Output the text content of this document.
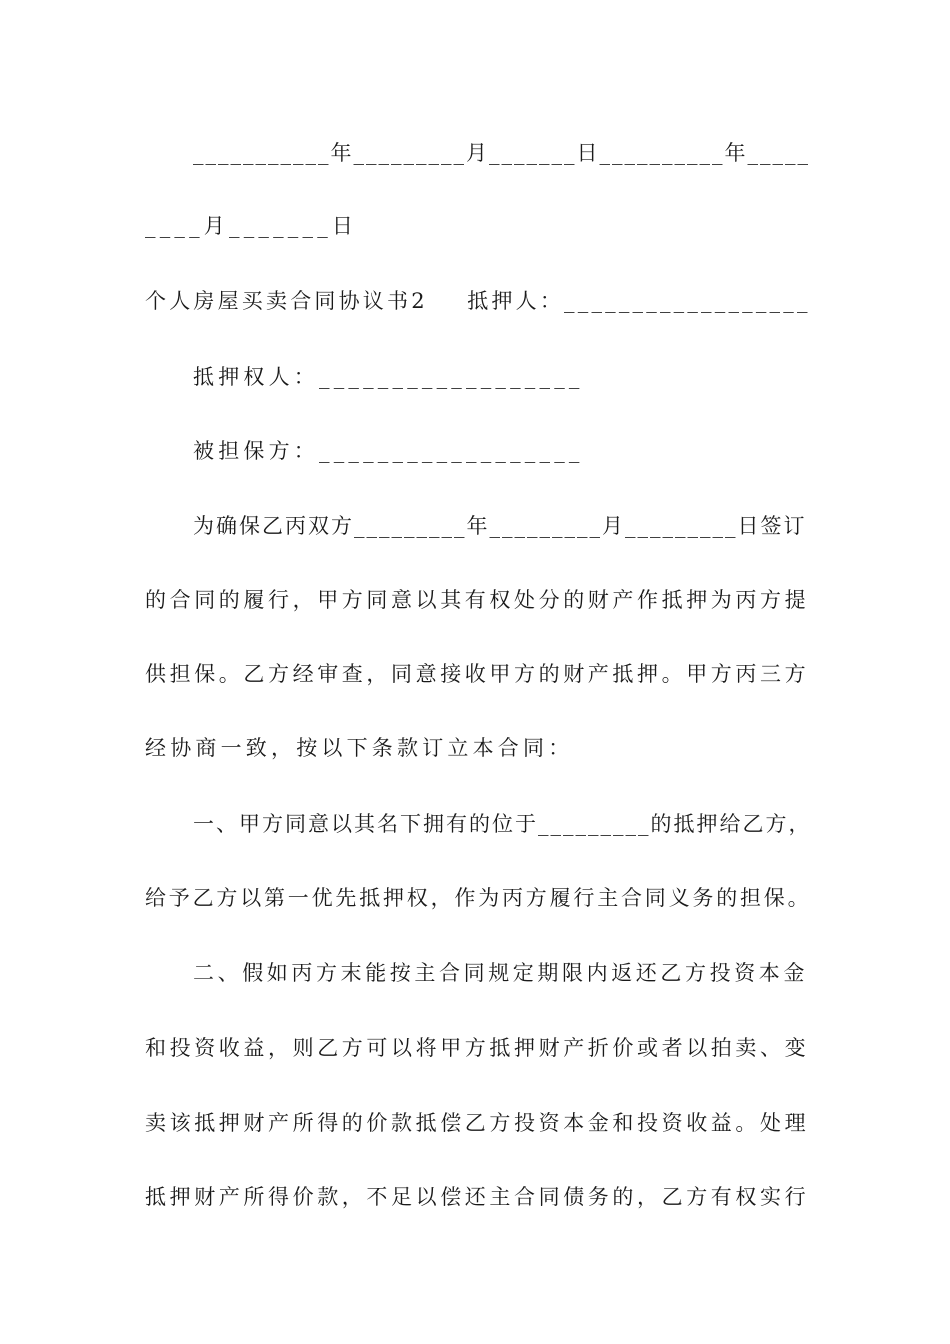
___________年_________月_______日__________年_____
____月_______日
个人房屋买卖合同协议书2    抵押人：__________________
抵押权人：__________________
被担保方：__________________
为确保乙丙双方_________年_________月_________日签订
的合同的履行，甲方同意以其有权处分的财产作抵押为丙方提
供担保。乙方经审查，同意接收甲方的财产抵押。甲方丙三方
经协商一致，按以下条款订立本合同：
一、甲方同意以其名下拥有的位于_________的抵押给乙方，
给予乙方以第一优先抵押权，作为丙方履行主合同义务的担保。
二、假如丙方末能按主合同规定期限内返还乙方投资本金
和投资收益，则乙方可以将甲方抵押财产折价或者以拍卖、变
卖该抵押财产所得的价款抵偿乙方投资本金和投资收益。处理
抵押财产所得价款，不足以偿还主合同债务的，乙方有权实行
